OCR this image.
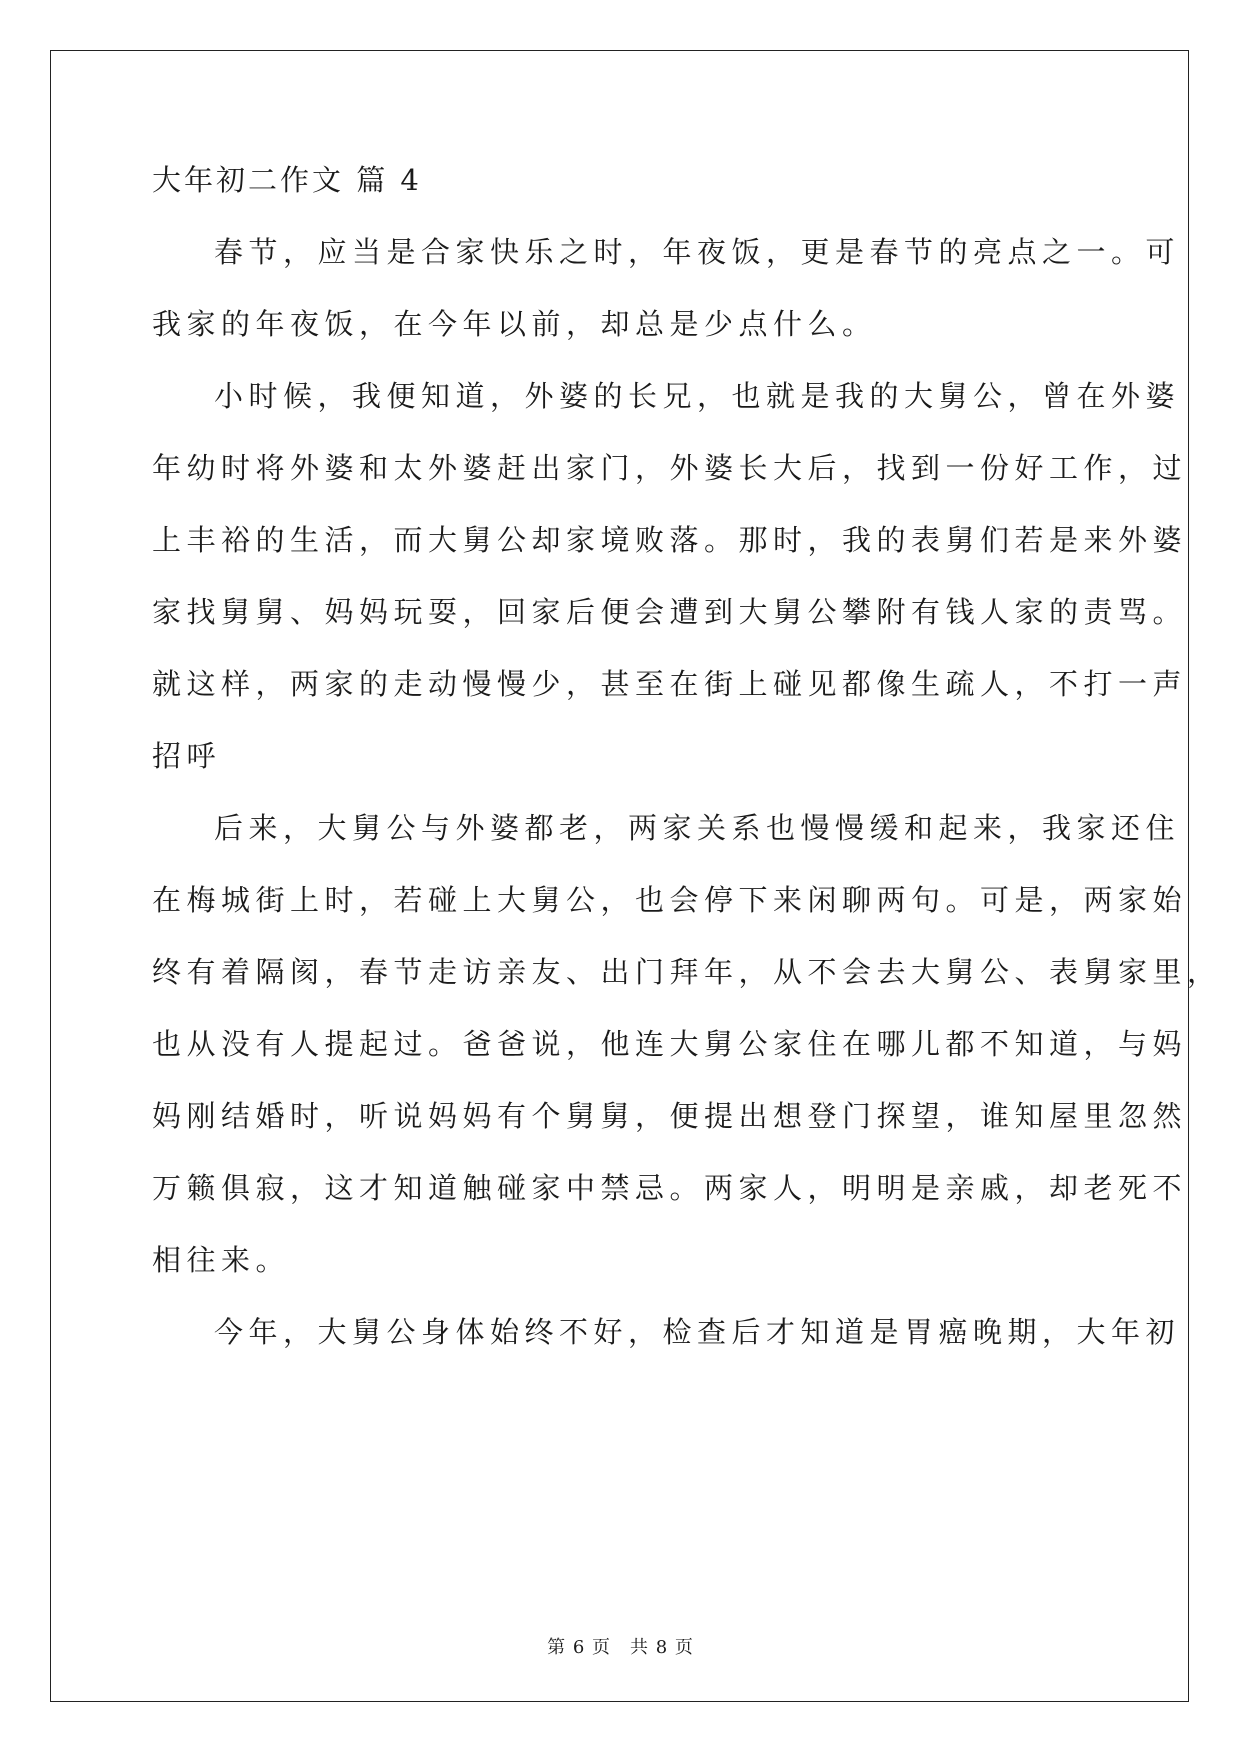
大年初二作文 篇 4
春节，应当是合家快乐之时，年夜饭，更是春节的亮点之一。可
我家的年夜饭，在今年以前，却总是少点什么。
小时候，我便知道，外婆的长兄，也就是我的大舅公，曾在外婆
年幼时将外婆和太外婆赶出家门，外婆长大后，找到一份好工作，过
上丰裕的生活，而大舅公却家境败落。那时，我的表舅们若是来外婆
家找舅舅、妈妈玩耍，回家后便会遭到大舅公攀附有钱人家的责骂。
就这样，两家的走动慢慢少，甚至在街上碰见都像生疏人，不打一声
招呼
后来，大舅公与外婆都老，两家关系也慢慢缓和起来，我家还住
在梅城街上时，若碰上大舅公，也会停下来闲聊两句。可是，两家始
终有着隔阂，春节走访亲友、出门拜年，从不会去大舅公、表舅家里，
也从没有人提起过。爸爸说，他连大舅公家住在哪儿都不知道，与妈
妈刚结婚时，听说妈妈有个舅舅，便提出想登门探望，谁知屋里忽然
万籁俱寂，这才知道触碰家中禁忌。两家人，明明是亲戚，却老死不
相往来。
今年，大舅公身体始终不好，检查后才知道是胃癌晚期，大年初
第 6 页　共 8 页
